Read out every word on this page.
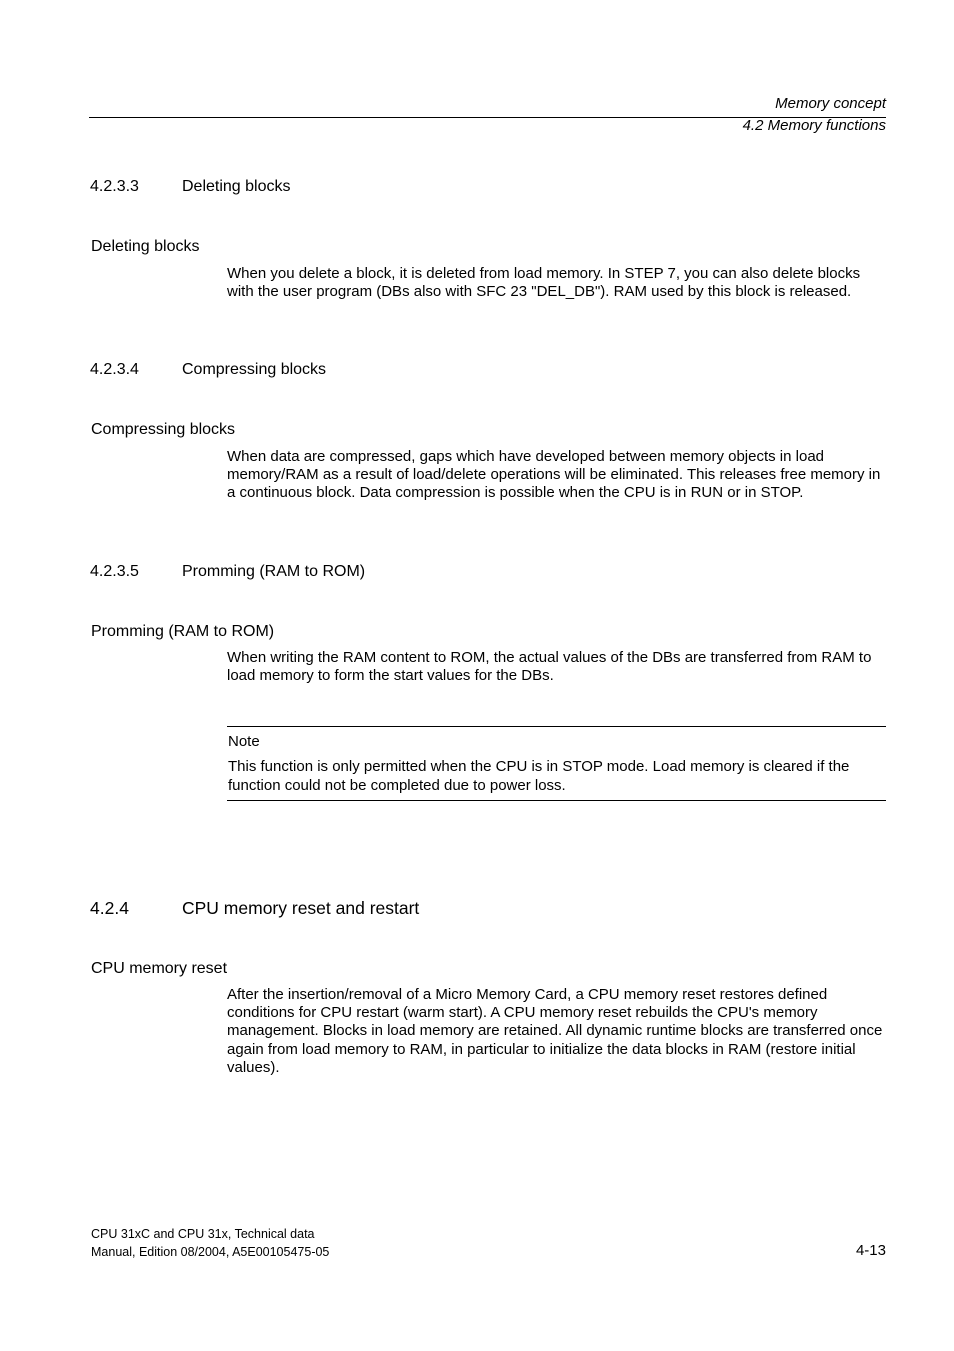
Memory concept
4.2 Memory functions
4.2.3.3	Deleting blocks
Deleting blocks
When you delete a block, it is deleted from load memory. In STEP 7, you can also delete blocks with the user program (DBs also with SFC 23 "DEL_DB"). RAM used by this block is released.
4.2.3.4	Compressing blocks
Compressing blocks
When data are compressed, gaps which have developed between memory objects in load memory/RAM as a result of load/delete operations will be eliminated. This releases free memory in a continuous block. Data compression is possible when the CPU is in RUN or in STOP.
4.2.3.5	Promming (RAM to ROM)
Promming (RAM to ROM)
When writing the RAM content to ROM, the actual values of the DBs are transferred from RAM to load memory to form the start values for the DBs.
Note
This function is only permitted when the CPU is in STOP mode. Load memory is cleared if the function could not be completed due to power loss.
4.2.4	CPU memory reset and restart
CPU memory reset
After the insertion/removal of a Micro Memory Card, a CPU memory reset restores defined conditions for CPU restart (warm start). A CPU memory reset rebuilds the CPU's memory management. Blocks in load memory are retained. All dynamic runtime blocks are transferred once again from load memory to RAM, in particular to initialize the data blocks in RAM (restore initial values).
CPU 31xC and CPU 31x, Technical data
Manual, Edition 08/2004, A5E00105475-05	4-13
